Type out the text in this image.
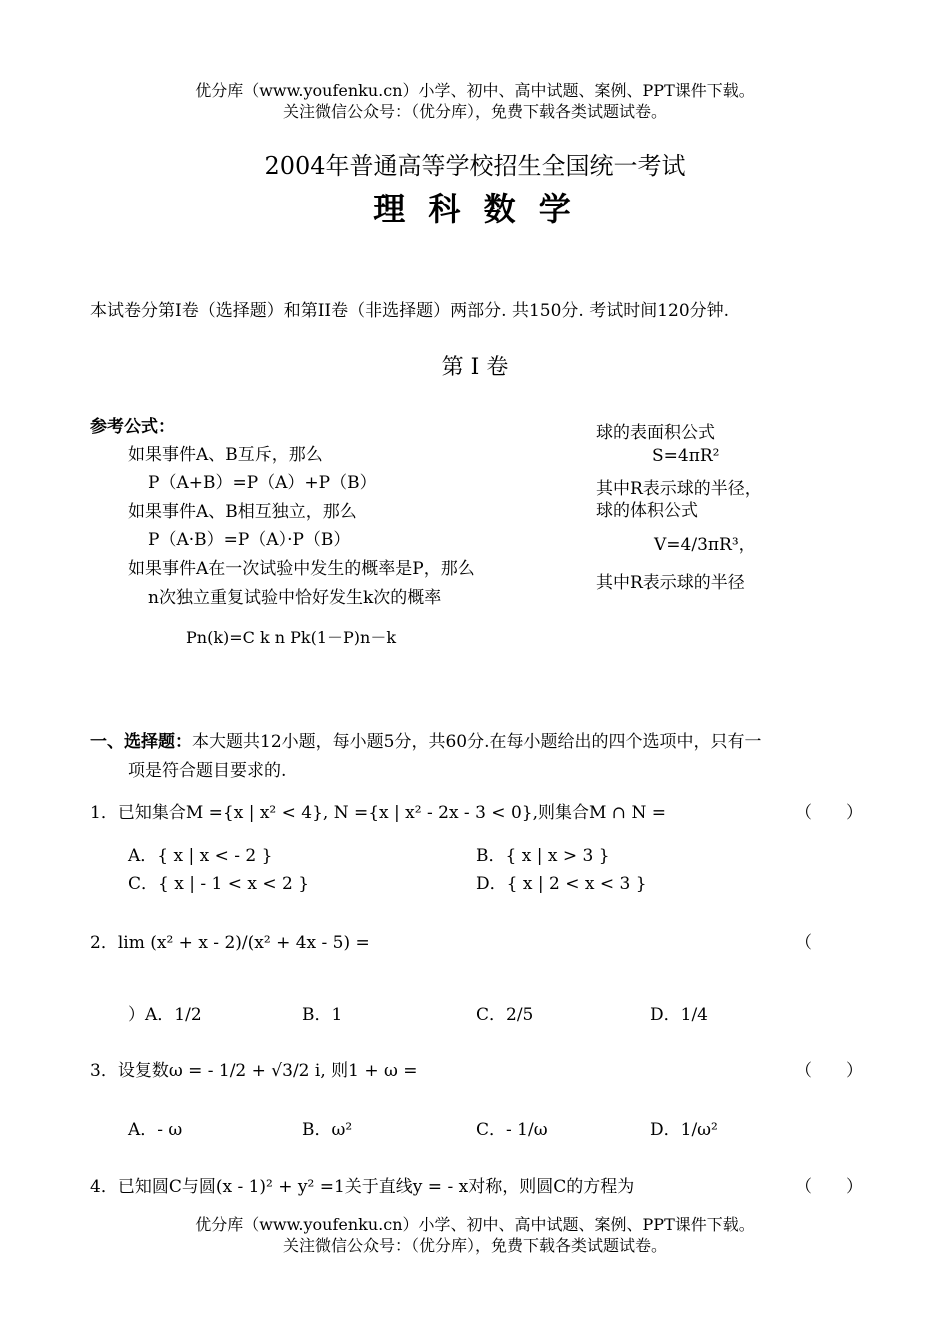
优分库（www.youfenku.cn）小学、初中、高中试题、案例、PPT课件下载。
关注微信公众号：（优分库），免费下载各类试题试卷。
2004年普通高等学校招生全国统一考试
理 科 数 学
本试卷分第I卷（选择题）和第II卷（非选择题）两部分. 共150分. 考试时间120分钟.
第 I 卷
参考公式：
如果事件A、B互斥，那么
P（A+B）=P（A）+P（B）
如果事件A、B相互独立，那么
P（A·B）=P（A）·P（B）
如果事件A在一次试验中发生的概率是P，那么
n次独立重复试验中恰好发生k次的概率
Pn(k)=C k n Pk(1－P)n－k
球的表面积公式
S=4πR²
其中R表示球的半径，
球的体积公式
V=4/3πR³，
其中R表示球的半径
一、选择题：本大题共12小题，每小题5分，共60分.在每小题给出的四个选项中，只有一
项是符合题目要求的.
1．已知集合M ={x | x² < 4}, N ={x | x² - 2x - 3 < 0},则集合M ∩ N =	（　　）
A．{ x | x < - 2 }	B．{ x | x > 3 }
C．{ x | - 1 < x < 2 }	D．{ x | 2 < x < 3 }
2．lim (x² + x - 2)/(x² + 4x - 5) =	（
）A．1/2	B．1	C．2/5	D．1/4
3．设复数ω = - 1/2 + √3/2 i, 则1 + ω =	（　　）
A．- ω	B．ω²	C．- 1/ω	D．1/ω²
4．已知圆C与圆(x - 1)² + y² =1关于直线y = - x对称，则圆C的方程为	（　　）
优分库（www.youfenku.cn）小学、初中、高中试题、案例、PPT课件下载。
关注微信公众号：（优分库），免费下载各类试题试卷。
